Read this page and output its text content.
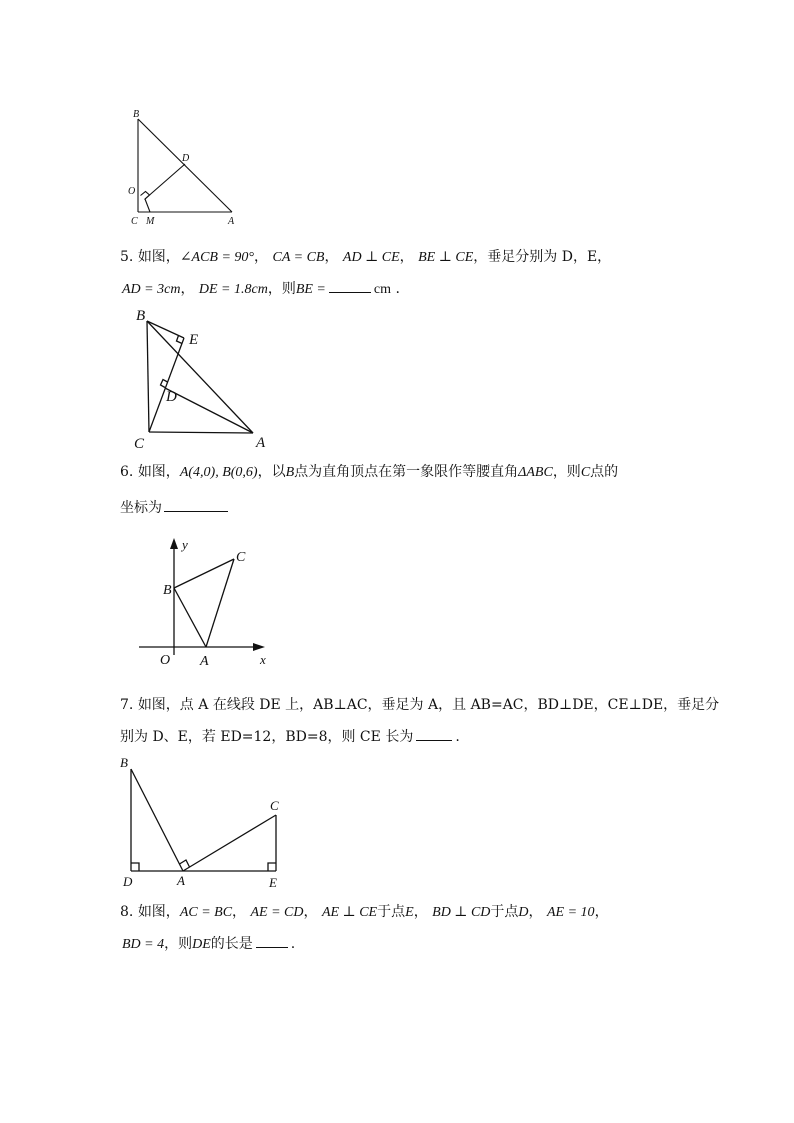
B
D
O
C M	A
5. 如图，∠ACB = 90°， CA = CB， AD ⊥ CE， BE ⊥ CE，垂足分别为 D，E，
AD = 3cm， DE = 1.8cm，则BE =	cm .
B
E
D
C	A
6. 如图，A(4,0), B(0,6)，以B点为直角顶点在第一象限作等腰直角ΔABC，则C点的
坐标为
y
C
B
O A	x
7. 如图，点 A 在线段 DE 上，AB⊥AC，垂足为 A，且 AB=AC，BD⊥DE，CE⊥DE，垂足分
别为 D、E，若 ED=12，BD=8，则 CE 长为	.
B
C
D	A	E
8. 如图，AC = BC， AE = CD， AE ⊥ CE于点E， BD ⊥ CD于点D， AE = 10，
BD = 4，则DE的长是	.
